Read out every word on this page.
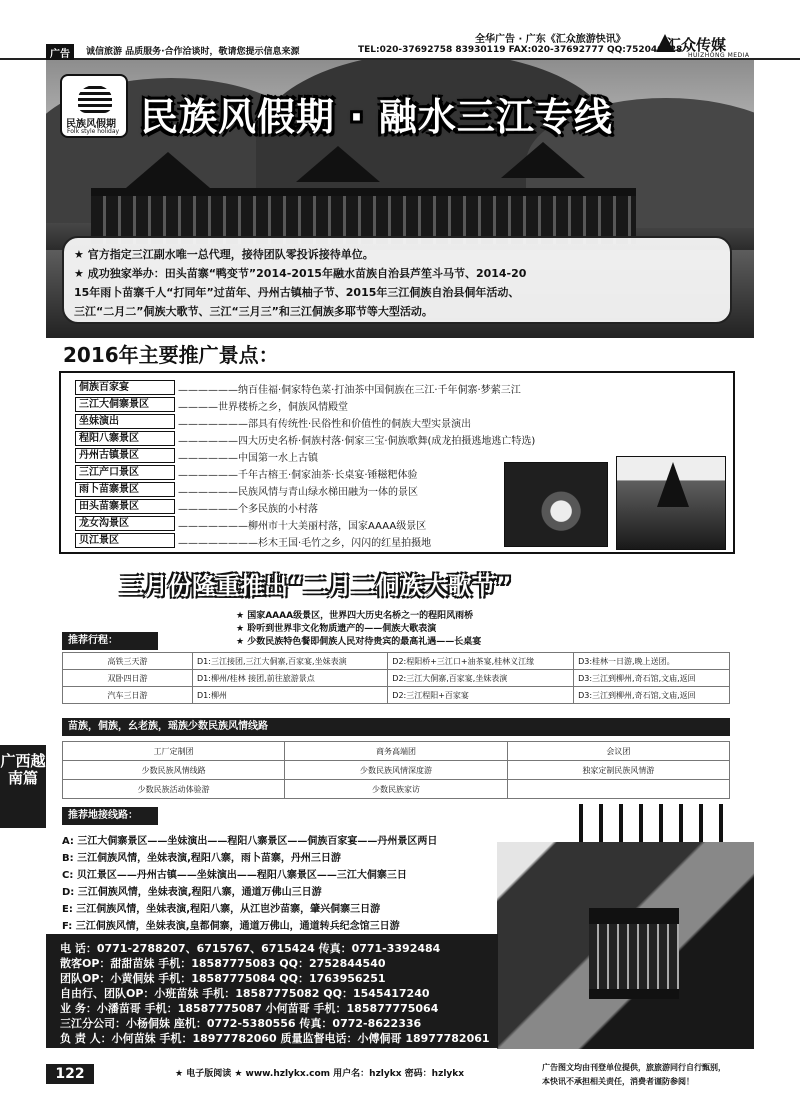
广告	诚信旅游 品质服务·合作洽谈时，敬请您提示信息来源
全华广告 · 广东《汇众旅游快讯》
TEL:020-37692758 83930119 FAX:020-37692777 QQ:752040828
汇众传媒
HUIZHONG MEDIA
民族风假期
Folk style holiday 民族风假期 · 融水三江专线
★ 官方指定三江副水唯一总代理，接待团队零投诉接待单位。
★ 成功独家举办：田头苗寨“鸭变节”2014-2015年融水苗族自治县芦笙斗马节、2014-20
15年雨卜苗寨千人“打同年”过苗年、丹州古镇柚子节、2015年三江侗族自治县侗年活动、
三江“二月二”侗族大歌节、三江“三月三”和三江侗族多耶节等大型活动。
2016年主要推广景点：
侗族百家宴	——————纳百佳福·侗家特色菜·打油茶中国侗族在三江·千年侗寨·梦萦三江
三江大侗寨景区	————世界楼桥之乡，侗族风情殿堂
坐妹演出	———————部具有传统性·民俗性和价值性的侗族大型实景演出
程阳八寨景区	——————四大历史名桥·侗族村落·侗家三宝·侗族歌舞(成龙拍摄逃地逃亡特选)
丹州古镇景区	——————中国第一水上古镇
三江产口景区	——————千年古榕王·侗家油茶·长桌宴·锤糍粑体验
雨卜苗寨景区	——————民族风情与青山绿水梯田融为一体的景区
田头苗寨景区	——————个多民族的小村落
龙女沟景区	———————柳州市十大美丽村落，国家AAAA级景区
贝江景区	————————杉木王国·毛竹之乡，闪闪的红星拍摄地
三月份隆重推出“二月二侗族大歌节”
★ 国家AAAA级景区，世界四大历史名桥之一的程阳风雨桥
★ 聆听到世界非文化物质遗产的——侗族大歌表演
★ 少数民族特色餐即侗族人民对待贵宾的最高礼遇——长桌宴
推荐行程：
高铁三天游	D1:三江接团,三江大侗寨,百家宴,坐妹表演	D2:程阳桥+三江口+油茶宴,桂林义江缘	D3:桂林一日游,晚上送团。
双卧四日游	D1:柳州/桂林 接团,前往旅游景点	D2:三江大侗寨,百家宴,坐妹表演	D3:三江到柳州,奇石馆,文庙,返回
汽车三日游	D1:柳州	D2:三江程阳+百家宴	D3:三江到柳州,奇石馆,文庙,返回
苗族，侗族，幺老族，瑶族少数民族风情线路
工厂定制团	商务高端团	会议团
少数民族风情线路	少数民族风情深度游	独家定制民族风情游
少数民族活动体验游	少数民族家访	
推荐地接线路：
A: 三江大侗寨景区——坐妹演出——程阳八寨景区——侗族百家宴——丹州景区两日
B: 三江侗族风情，坐妹表演,程阳八寨，雨卜苗寨，丹州三日游
C: 贝江景区——丹州古镇——坐妹演出——程阳八寨景区——三江大侗寨三日
D: 三江侗族风情，坐妹表演,程阳八寨，通道万佛山三日游
E: 三江侗族风情，坐妹表演,程阳八寨，从江岜沙苗寨，肇兴侗寨三日游
F: 三江侗族风情，坐妹表演,皇都侗寨，通道万佛山，通道转兵纪念馆三日游
电 话：0771-2788207、6715767、6715424 传真：0771-3392484
散客OP：甜甜苗妹 手机：18587775083 QQ：2752844540
团队OP：小黄侗妹 手机：18587775084 QQ：1763956251
自由行、团队OP：小班苗妹 手机：18587775082 QQ：1545417240
业 务：小潘苗哥 手机：18587775087 小何苗哥 手机：185877775064
三江分公司：小杨侗妹 座机：0772-5380556 传真：0772-8622336
负 责 人：小何苗妹 手机：18977782060 质量监督电话：小傅侗哥 18977782061
广西越南篇
122	★ 电子版阅读 ★ www.hzlykx.com 用户名：hzlykx 密码：hzlykx
广告图文均由刊登单位提供，旅旅游同行自行甄别，
本快讯不承担相关责任，消费者谨防参阅！
